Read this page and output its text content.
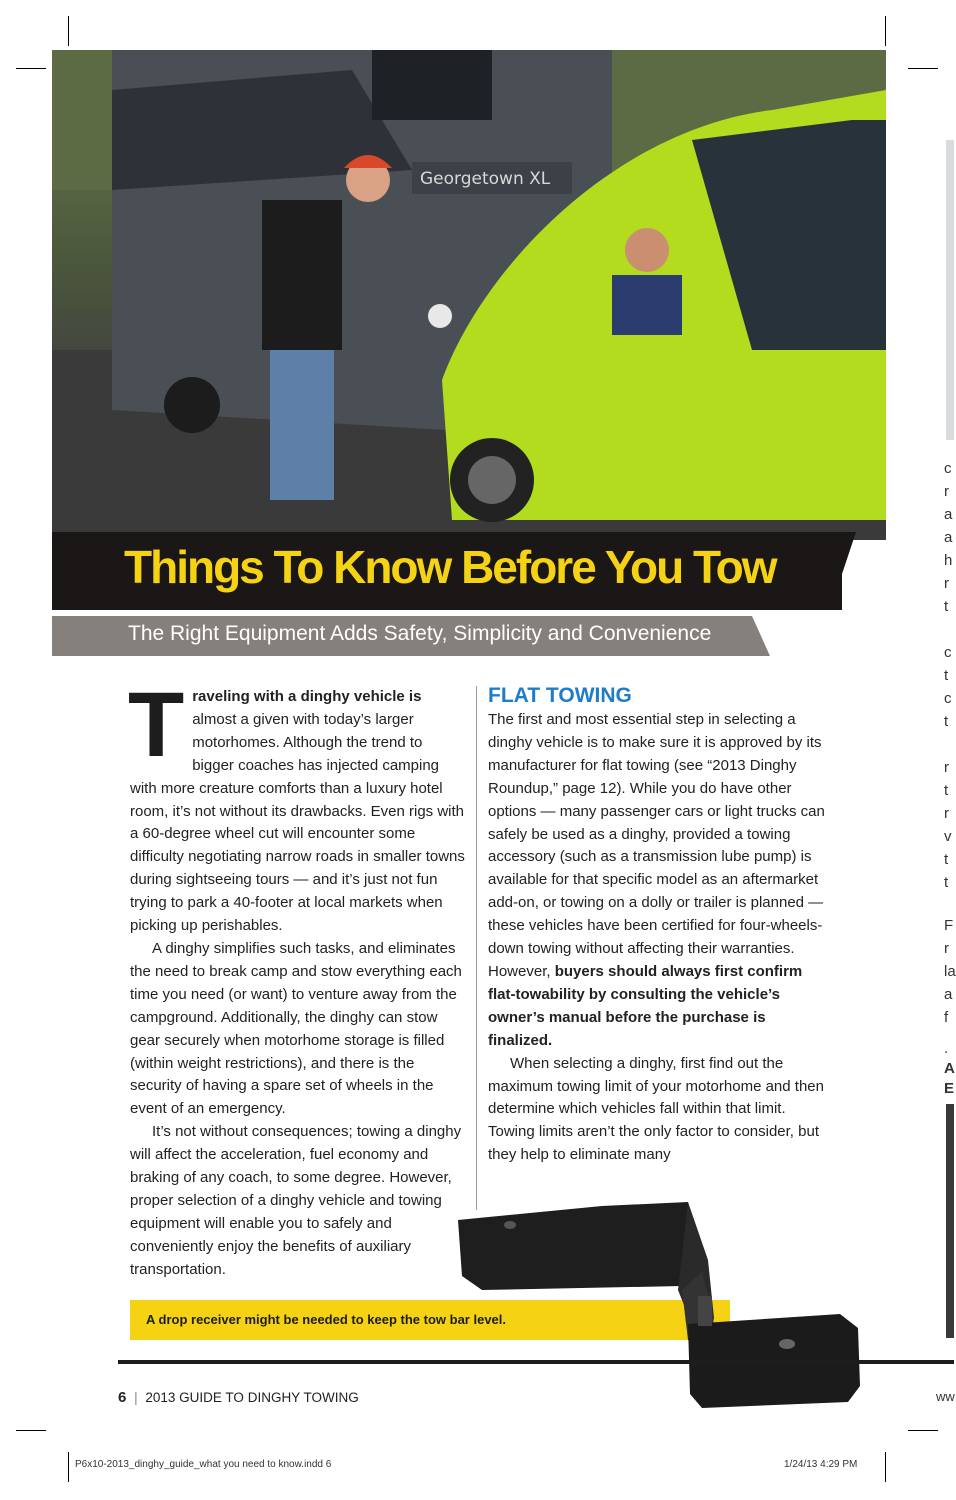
Georgetown XL
Things To Know Before You Tow
The Right Equipment Adds Safety, Simplicity and Convenience

Traveling with a dinghy vehicle is almost a given with today’s larger motorhomes. Although the trend to bigger coaches has injected camping with more creature comforts than a luxury hotel room, it’s not without its drawbacks. Even rigs with a 60-degree wheel cut will encounter some difficulty negotiating narrow roads in smaller towns during sightseeing tours — and it’s just not fun trying to park a 40-footer at local markets when picking up perishables.

A dinghy simplifies such tasks, and eliminates the need to break camp and stow everything each time you need (or want) to venture away from the campground. Additionally, the dinghy can stow gear securely when motorhome storage is filled (within weight restrictions), and there is the security of having a spare set of wheels in the event of an emergency.

It’s not without consequences; towing a dinghy will affect the acceleration, fuel economy and braking of any coach, to some degree. However, proper selection of a dinghy vehicle and towing equipment will enable you to safely and conveniently enjoy the benefits of auxiliary transportation.

FLAT TOWING

The first and most essential step in selecting a dinghy vehicle is to make sure it is approved by its manufacturer for flat towing (see “2013 Dinghy Roundup,” page 12). While you do have other options — many passenger cars or light trucks can safely be used as a dinghy, provided a towing accessory (such as a transmission lube pump) is available for that specific model as an aftermarket add-on, or towing on a dolly or trailer is planned — these vehicles have been certified for four-wheels-down towing without affecting their warranties. However, buyers should always first confirm flat-towability by consulting the vehicle’s owner’s manual before the purchase is finalized.

When selecting a dinghy, first find out the maximum towing limit of your motorhome and then determine which vehicles fall within that limit. Towing limits aren’t the only factor to consider, but they help to eliminate many

A drop receiver might be needed to keep the tow bar level.
6 | 2013 GUIDE TO DINGHY TOWING	ww
P6x10-2013_dinghy_guide_what you need to know.indd 6	1/24/13 4:29 PM
c
r
a
a
h
r
t
c
t
c
t
r
t
r
v
t
t
F
r
la
a
f
.
A
E
